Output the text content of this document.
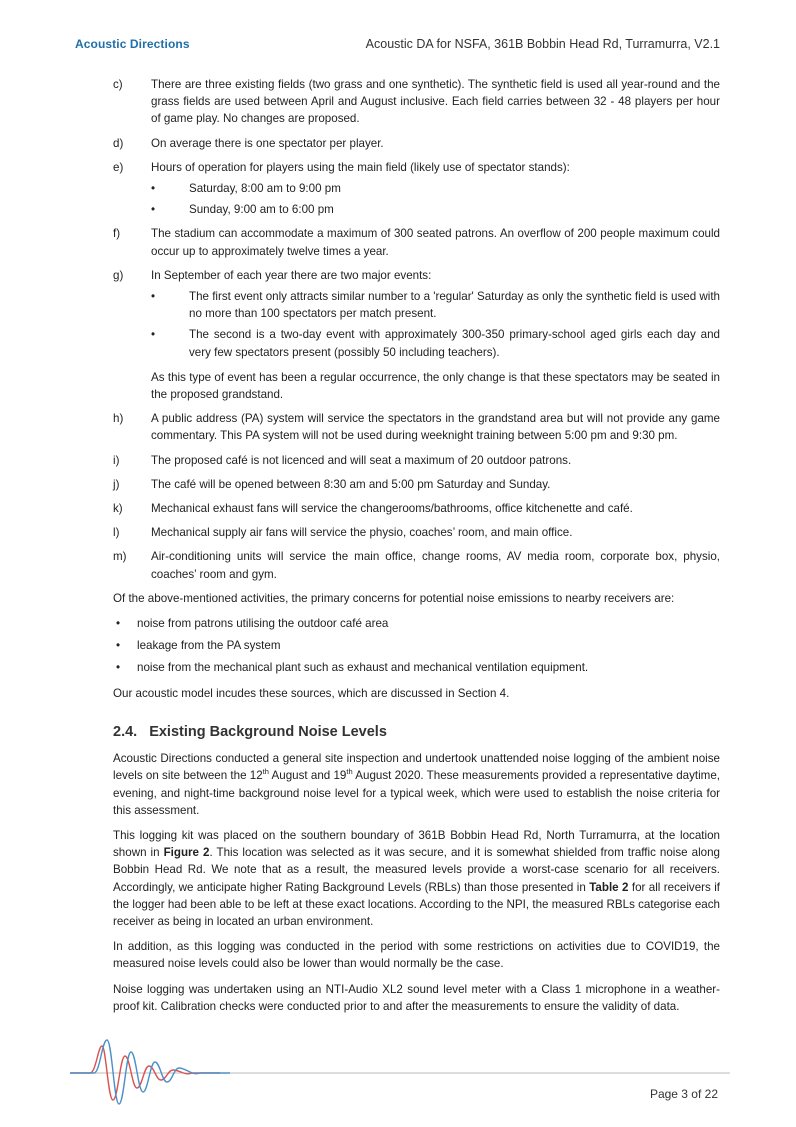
Acoustic Directions	Acoustic DA for NSFA, 361B Bobbin Head Rd, Turramurra, V2.1
c) There are three existing fields (two grass and one synthetic). The synthetic field is used all year-round and the grass fields are used between April and August inclusive. Each field carries between 32 - 48 players per hour of game play. No changes are proposed.
d) On average there is one spectator per player.
e) Hours of operation for players using the main field (likely use of spectator stands):
•	Saturday, 8:00 am to 9:00 pm
•	Sunday, 9:00 am to 6:00 pm
f)	The stadium can accommodate a maximum of 300 seated patrons. An overflow of 200 people maximum could occur up to approximately twelve times a year.
g) In September of each year there are two major events:
•	The first event only attracts similar number to a 'regular' Saturday as only the synthetic field is used with no more than 100 spectators per match present.
•	The second is a two-day event with approximately 300-350 primary-school aged girls each day and very few spectators present (possibly 50 including teachers).
As this type of event has been a regular occurrence, the only change is that these spectators may be seated in the proposed grandstand.
h) A public address (PA) system will service the spectators in the grandstand area but will not provide any game commentary. This PA system will not be used during weeknight training between 5:00 pm and 9:30 pm.
i)	The proposed café is not licenced and will seat a maximum of 20 outdoor patrons.
j)	The café will be opened between 8:30 am and 5:00 pm Saturday and Sunday.
k) Mechanical exhaust fans will service the changerooms/bathrooms, office kitchenette and café.
l)	Mechanical supply air fans will service the physio, coaches’ room, and main office.
m) Air-conditioning units will service the main office, change rooms, AV media room, corporate box, physio, coaches’ room and gym.

Of the above-mentioned activities, the primary concerns for potential noise emissions to nearby receivers are:

• noise from patrons utilising the outdoor café area
• leakage from the PA system
• noise from the mechanical plant such as exhaust and mechanical ventilation equipment.

Our acoustic model incudes these sources, which are discussed in Section 4.

2.4. Existing Background Noise Levels

Acoustic Directions conducted a general site inspection and undertook unattended noise logging of the ambient noise levels on site between the 12th August and 19th August 2020. These measurements provided a representative daytime, evening, and night-time background noise level for a typical week, which were used to establish the noise criteria for this assessment.

This logging kit was placed on the southern boundary of 361B Bobbin Head Rd, North Turramurra, at the location shown in Figure 2. This location was selected as it was secure, and it is somewhat shielded from traffic noise along Bobbin Head Rd. We note that as a result, the measured levels provide a worst-case scenario for all receivers. Accordingly, we anticipate higher Rating Background Levels (RBLs) than those presented in Table 2 for all receivers if the logger had been able to be left at these exact locations. According to the NPI, the measured RBLs categorise each receiver as being in located an urban environment.

In addition, as this logging was conducted in the period with some restrictions on activities due to COVID19, the measured noise levels could also be lower than would normally be the case.

Noise logging was undertaken using an NTI-Audio XL2 sound level meter with a Class 1 microphone in a weather-proof kit. Calibration checks were conducted prior to and after the measurements to ensure the validity of data.

Page 3 of 22
